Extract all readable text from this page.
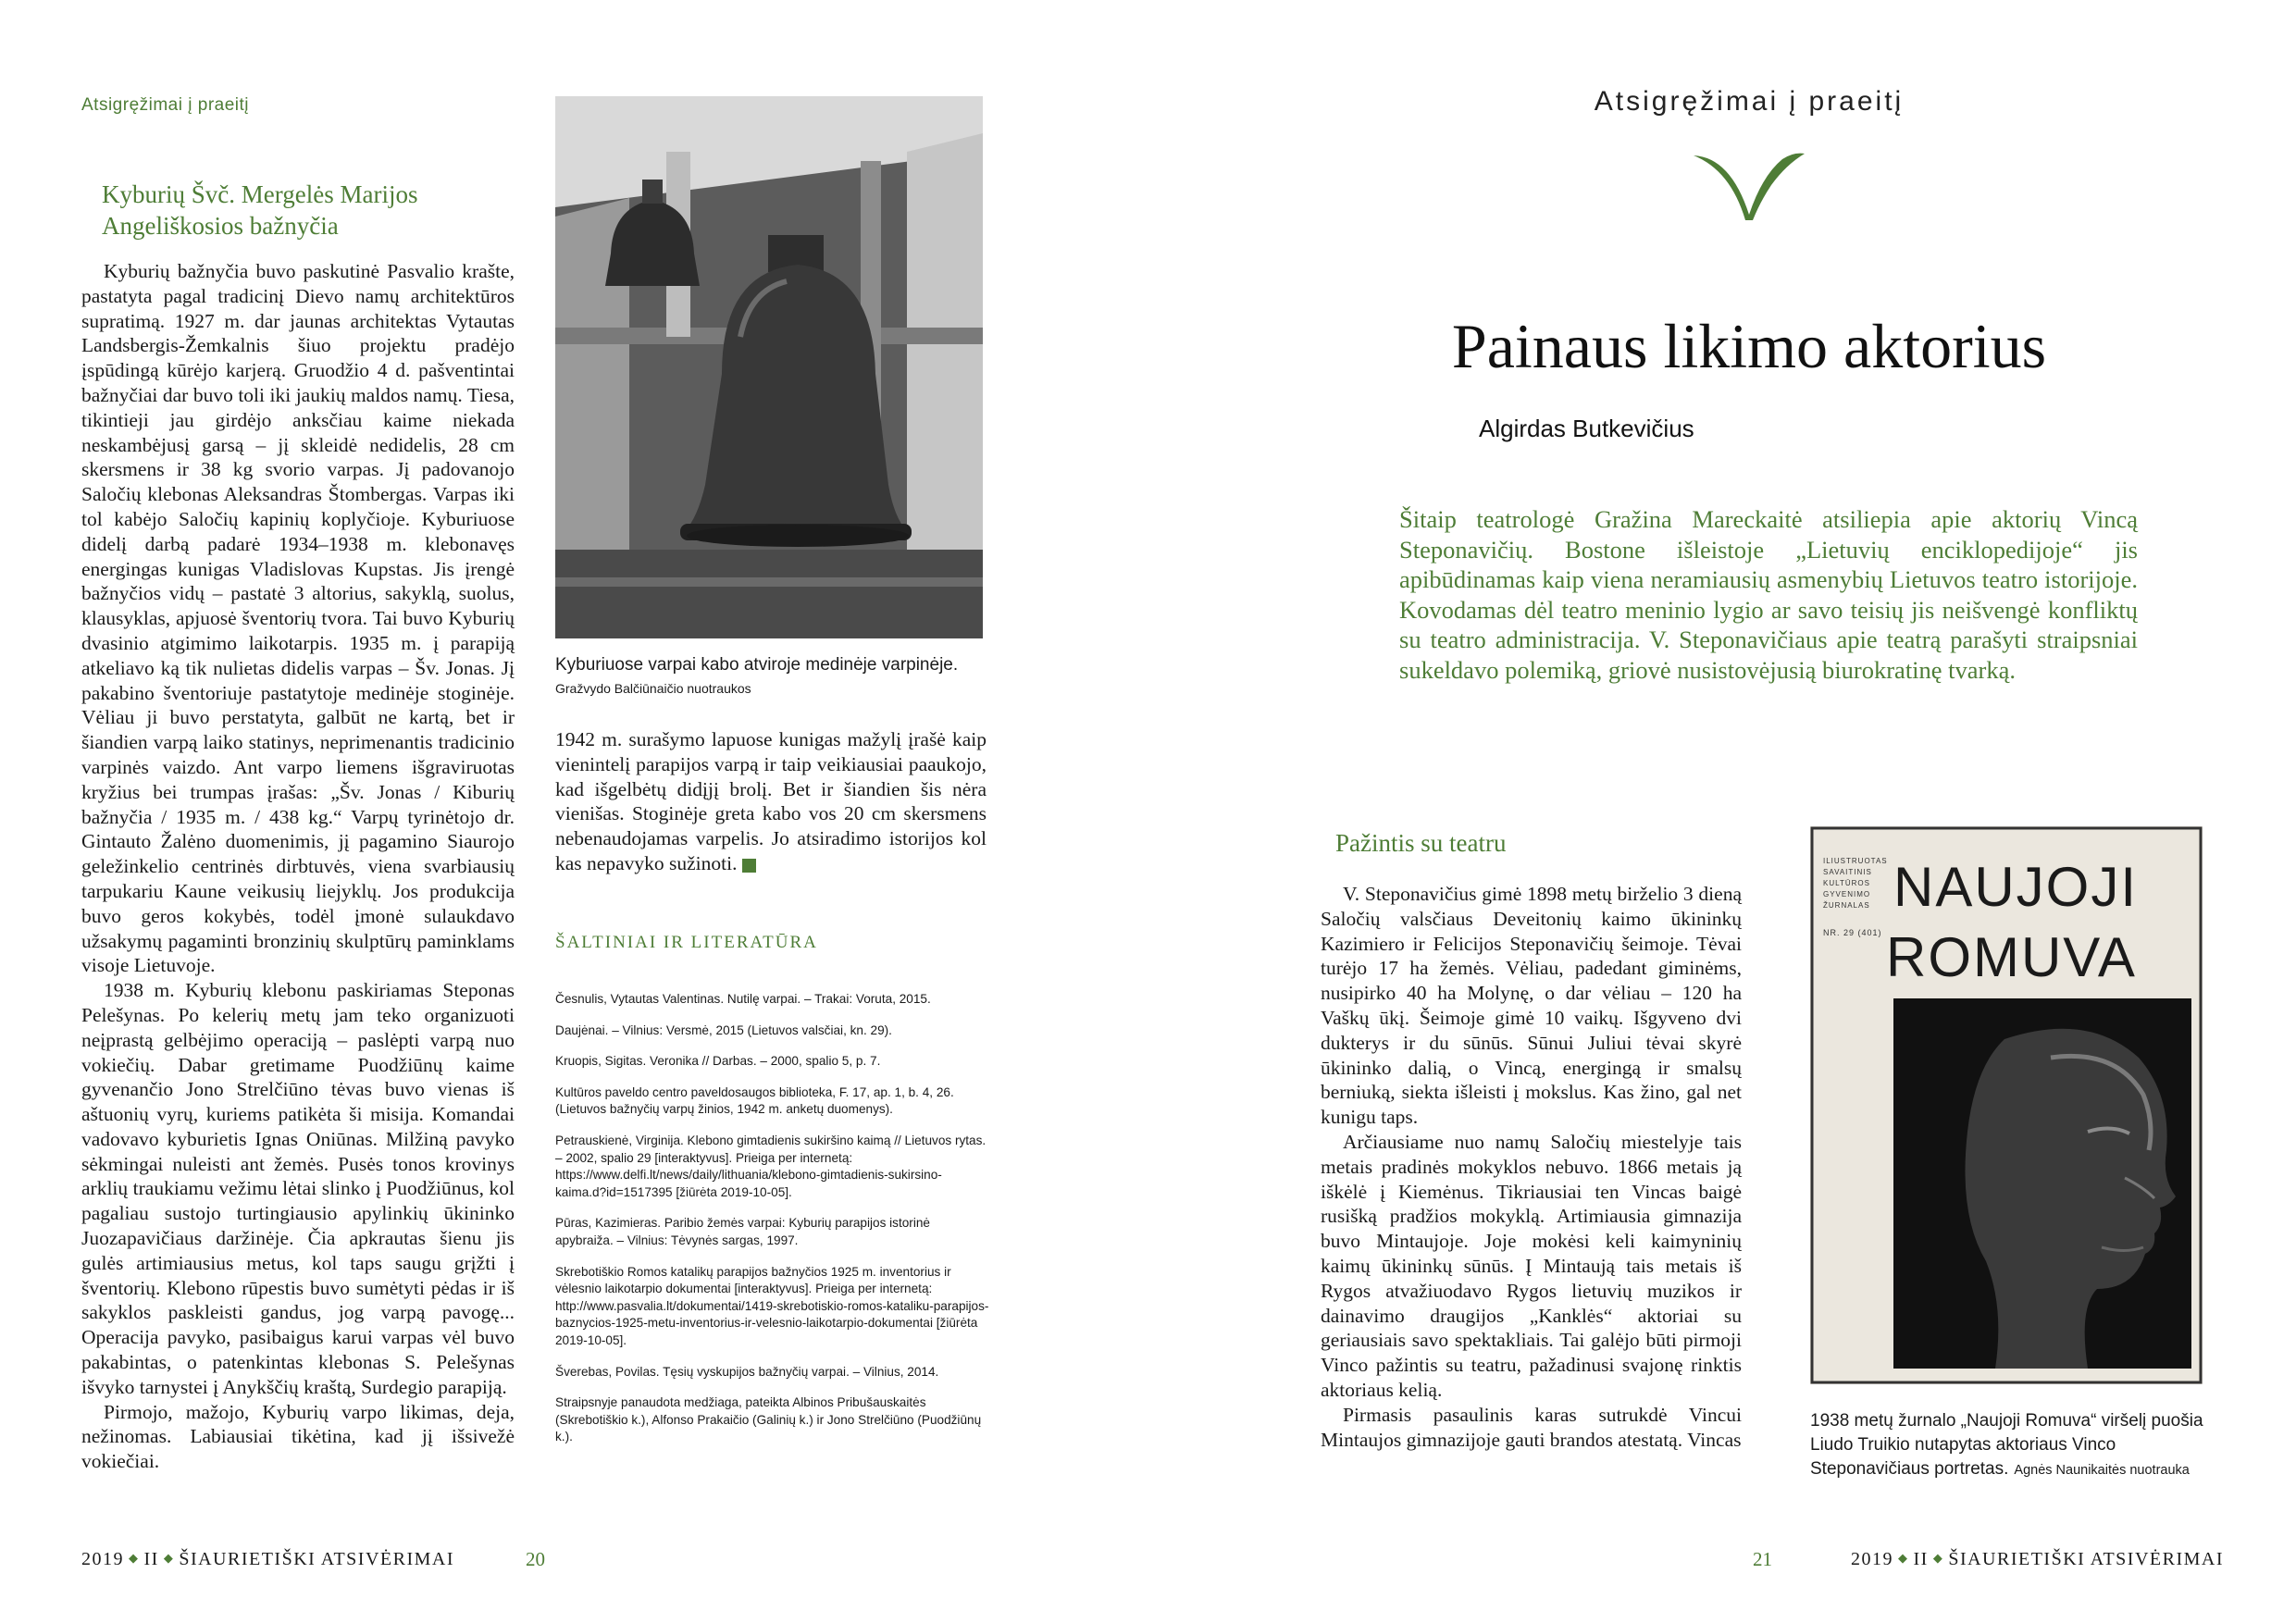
Atsigręžimai į praeitį
Kyburių Švč. Mergelės Marijos Angeliškosios bažnyčia

Kyburių bažnyčia buvo paskutinė Pasvalio krašte, pastatyta pagal tradicinį Dievo namų architektūros supratimą. 1927 m. dar jaunas architektas Vytautas Landsbergis-Žemkalnis šiuo projektu pradėjo įspūdingą kūrėjo karjerą. Gruodžio 4 d. pašventintai bažnyčiai dar buvo toli iki jaukių maldos namų. Tiesa, tikintieji jau girdėjo anksčiau kaime niekada neskambėjusį garsą – jį skleidė nedidelis, 28 cm skersmens ir 38 kg svorio varpas. Jį padovanojo Saločių klebonas Aleksandras Štombergas. Varpas iki tol kabėjo Saločių kapinių koplyčioje. Kyburiuose didelį darbą padarė 1934–1938 m. klebonavęs energingas kunigas Vladislovas Kupstas. Jis įrengė bažnyčios vidų – pastatė 3 altorius, sakyklą, suolus, klausyklas, apjuosė šventorių tvora. Tai buvo Kyburių dvasinio atgimimo laikotarpis. 1935 m. į parapiją atkeliavo ką tik nulietas didelis varpas – Šv. Jonas. Jį pakabino šventoriuje pastatytoje medinėje stoginėje. Vėliau ji buvo perstatyta, galbūt ne kartą, bet ir šiandien varpą laiko statinys, neprimenantis tradicinio varpinės vaizdo. Ant varpo liemens išgraviruotas kryžius bei trumpas įrašas: „Šv. Jonas / Kiburių bažnyčia / 1935 m. / 438 kg.“ Varpų tyrinėtojo dr. Gintauto Žalėno duomenimis, jį pagamino Siaurojo geležinkelio centrinės dirbtuvės, viena svarbiausių tarpukariu Kaune veikusių liejyklų. Jos produkcija buvo geros kokybės, todėl įmonė sulaukdavo užsakymų pagaminti bronzinių skulptūrų paminklams visoje Lietuvoje.

1938 m. Kyburių klebonu paskiriamas Steponas Pelešynas. Po kelerių metų jam teko organizuoti neįprastą gelbėjimo operaciją – paslėpti varpą nuo vokiečių. Dabar gretimame Puodžiūnų kaime gyvenančio Jono Strelčiūno tėvas buvo vienas iš aštuonių vyrų, kuriems patikėta ši misija. Komandai vadovavo kyburietis Ignas Oniūnas. Milžiną pavyko sėkmingai nuleisti ant žemės. Pusės tonos krovinys arklių traukiamu vežimu lėtai slinko į Puodžiūnus, kol pagaliau sustojo turtingiausio apylinkių ūkininko Juozapavičiaus daržinėje. Čia apkrautas šienu jis gulės artimiausius metus, kol taps saugu grįžti į šventorių. Klebono rūpestis buvo sumėtyti pėdas ir iš sakyklos paskleisti gandus, jog varpą pavogę... Operacija pavyko, pasibaigus karui varpas vėl buvo pakabintas, o patenkintas klebonas S. Pelešynas išvyko tarnystei į Anykščių kraštą, Surdegio parapiją.

Pirmojo, mažojo, Kyburių varpo likimas, deja, nežinomas. Labiausiai tikėtina, kad jį išsivežė vokiečiai.

Kyburiuose varpai kabo atviroje medinėje varpinėje.
Gražvydo Balčiūnaičio nuotraukos

1942 m. surašymo lapuose kunigas mažylį įrašė kaip vienintelį parapijos varpą ir taip veikiausiai paaukojo, kad išgelbėtų didįjį brolį. Bet ir šiandien šis nėra vienišas. Stoginėje greta kabo vos 20 cm skersmens nebenaudojamas varpelis. Jo atsiradimo istorijos kol kas nepavyko sužinoti.

ŠALTINIAI IR LITERATŪRA
Česnulis, Vytautas Valentinas. Nutilę varpai. – Trakai: Voruta, 2015.
Daujėnai. – Vilnius: Versmė, 2015 (Lietuvos valsčiai, kn. 29).
Kruopis, Sigitas. Veronika // Darbas. – 2000, spalio 5, p. 7.
Kultūros paveldo centro paveldosaugos biblioteka, F. 17, ap. 1, b. 4, 26. (Lietuvos bažnyčių varpų žinios, 1942 m. anketų duomenys).
Petrauskienė, Virginija. Klebono gimtadienis sukiršino kaimą // Lietuvos rytas. – 2002, spalio 29 [interaktyvus]. Prieiga per internetą: https://www.delfi.lt/news/daily/lithuania/klebono-gimtadienis-sukirsino-kaima.d?id=1517395 [žiūrėta 2019-10-05].
Pūras, Kazimieras. Paribio žemės varpai: Kyburių parapijos istorinė apybraiža. – Vilnius: Tėvynės sargas, 1997.
Skrebotiškio Romos katalikų parapijos bažnyčios 1925 m. inventorius ir vėlesnio laikotarpio dokumentai [interaktyvus]. Prieiga per internetą: http://www.pasvalia.lt/dokumentai/1419-skrebotiskio-romos-kataliku-parapijos-baznycios-1925-metu-inventorius-ir-velesnio-laikotarpio-dokumentai [žiūrėta 2019-10-05].
Šverebas, Povilas. Tęsių vyskupijos bažnyčių varpai. – Vilnius, 2014.
Straipsnyje panaudota medžiaga, pateikta Albinos Pribušauskaitės (Skrebotiškio k.), Alfonso Prakaičio (Galinių k.) ir Jono Strelčiūno (Puodžiūnų k.).
2019 ◆ II ◆ ŠIAURIETIŠKI ATSIVĖRIMAI	20
Atsigręžimai į praeitį
Painaus likimo aktorius
Algirdas Butkevičius
Šitaip teatrologė Gražina Mareckaitė atsiliepia apie aktorių Vincą Steponavičių. Bostone išleistoje „Lietuvių enciklopedijoje“ jis apibūdinamas kaip viena neramiausių asmenybių Lietuvos teatro istorijoje. Kovodamas dėl teatro meninio lygio ar savo teisių jis neišvengė konfliktų su teatro administracija. V. Steponavičiaus apie teatrą parašyti straipsniai sukeldavo polemiką, griovė nusistovėjusią biurokratinę tvarką.
Pažintis su teatru

V. Steponavičius gimė 1898 metų birželio 3 dieną Saločių valsčiaus Deveitonių kaimo ūkininkų Kazimiero ir Felicijos Steponavičių šeimoje. Tėvai turėjo 17 ha žemės. Vėliau, padedant giminėms, nusipirko 40 ha Molynę, o dar vėliau – 120 ha Vaškų ūkį. Šeimoje gimė 10 vaikų. Išgyveno dvi dukterys ir du sūnūs. Sūnui Juliui tėvai skyrė ūkininko dalią, o Vincą, energingą ir smalsų berniuką, siekta išleisti į mokslus. Kas žino, gal net kunigu taps.

Arčiausiame nuo namų Saločių miestelyje tais metais pradinės mokyklos nebuvo. 1866 metais ją iškėlė į Kiemėnus. Tikriausiai ten Vincas baigė rusišką pradžios mokyklą. Artimiausia gimnazija buvo Mintaujoje. Joje mokėsi keli kaimyninių kaimų ūkininkų sūnūs. Į Mintaują tais metais iš Rygos atvažiuodavo Rygos lietuvių muzikos ir dainavimo draugijos „Kanklės“ aktoriai su geriausiais savo spektakliais. Tai galėjo būti pirmoji Vinco pažintis su teatru, pažadinusi svajonę rinktis aktoriaus kelią.

Pirmasis pasaulinis karas sutrukdė Vincui Mintaujos gimnazijoje gauti brandos atestatą. Vincas

ILIUSTRUOTAS
SAVAITINIS
KULTŪROS
GYVENIMO
ŽURNALAS
NR. 29 (401)
NAUJOJI
ROMUVA
1938 metų žurnalo „Naujoji Romuva“ viršelį puošia Liudo Truikio nutapytas aktoriaus Vinco Steponavičiaus portretas. Agnės Naunikaitės nuotrauka
21	2019 ◆ II ◆ ŠIAURIETIŠKI ATSIVĖRIMAI
